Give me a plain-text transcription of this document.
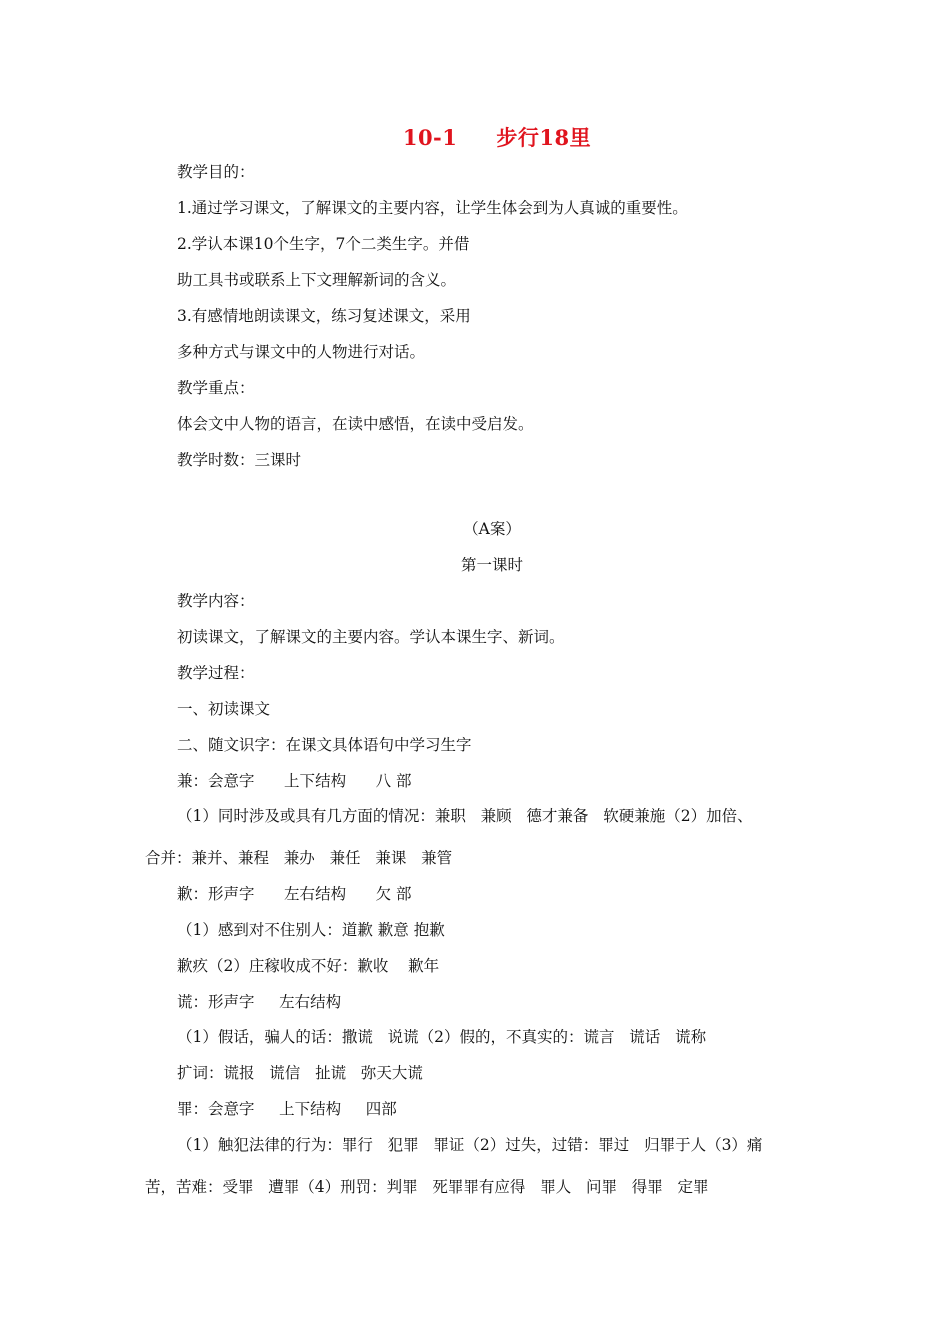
10-1     步行18里
教学目的：
1.通过学习课文，了解课文的主要内容，让学生体会到为人真诚的重要性。
2.学认本课10个生字，7个二类生字。并借
助工具书或联系上下文理解新词的含义。
3.有感情地朗读课文，练习复述课文，采用
多种方式与课文中的人物进行对话。
教学重点：
体会文中人物的语言，在读中感悟，在读中受启发。
教学时数：三课时
（A案）
第一课时
教学内容：
初读课文，了解课文的主要内容。学认本课生字、新词。
教学过程：
一、初读课文
二、随文识字：在课文具体语句中学习生字
兼：会意字      上下结构      八 部
（1）同时涉及或具有几方面的情况：兼职   兼顾   德才兼备   软硬兼施（2）加倍、
合并：兼并、兼程   兼办   兼任   兼课   兼管
歉：形声字      左右结构      欠 部
（1）感到对不住别人：道歉 歉意 抱歉
歉疚（2）庄稼收成不好：歉收    歉年
谎：形声字     左右结构
（1）假话，骗人的话：撒谎   说谎（2）假的，不真实的：谎言   谎话   谎称
扩词：谎报   谎信   扯谎   弥天大谎
罪：会意字     上下结构     四部
（1）触犯法律的行为：罪行   犯罪   罪证（2）过失，过错：罪过   归罪于人（3）痛
苦，苦难：受罪   遭罪（4）刑罚：判罪   死罪罪有应得   罪人   问罪   得罪   定罪
